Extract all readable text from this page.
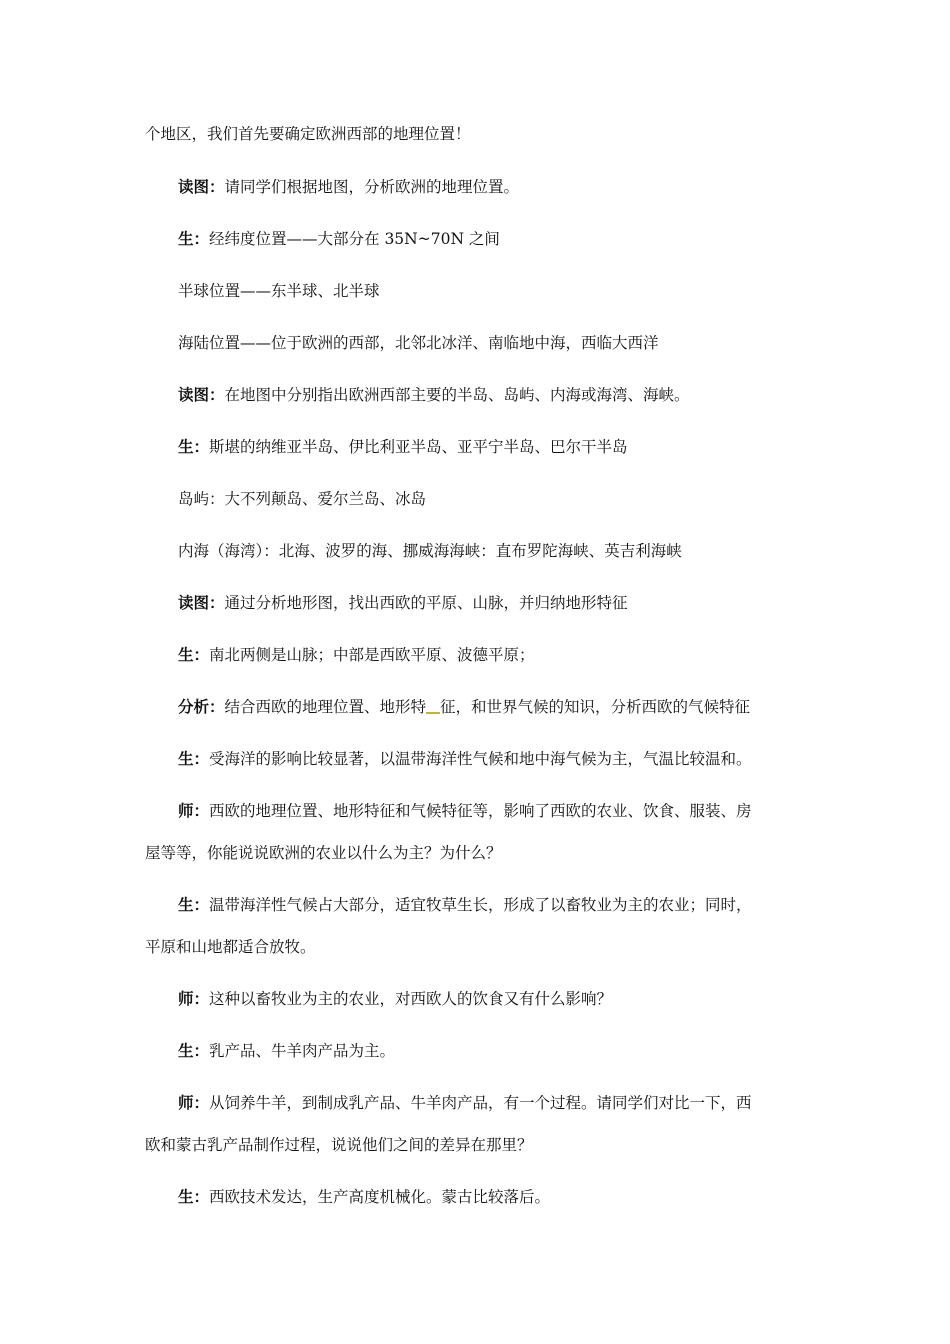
个地区，我们首先要确定欧洲西部的地理位置！
读图：请同学们根据地图，分析欧洲的地理位置。
生：经纬度位置——大部分在 35N~70N 之间
半球位置——东半球、北半球
海陆位置——位于欧洲的西部，北邻北冰洋、南临地中海，西临大西洋
读图：在地图中分别指出欧洲西部主要的半岛、岛屿、内海或海湾、海峡。
生：斯堪的纳维亚半岛、伊比利亚半岛、亚平宁半岛、巴尔干半岛
岛屿：大不列颠岛、爱尔兰岛、冰岛
内海（海湾）：北海、波罗的海、挪威海海峡：直布罗陀海峡、英吉利海峡
读图：通过分析地形图，找出西欧的平原、山脉，并归纳地形特征
生：南北两侧是山脉；中部是西欧平原、波德平原；
分析：结合西欧的地理位置、地形特 征，和世界气候的知识，分析西欧的气候特征
生：受海洋的影响比较显著，以温带海洋性气候和地中海气候为主，气温比较温和。
师：西欧的地理位置、地形特征和气候特征等，影响了西欧的农业、饮食、服装、房
屋等等，你能说说欧洲的农业以什么为主？为什么？
生：温带海洋性气候占大部分，适宜牧草生长，形成了以畜牧业为主的农业；同时，
平原和山地都适合放牧。
师：这种以畜牧业为主的农业，对西欧人的饮食又有什么影响？
生：乳产品、牛羊肉产品为主。
师：从饲养牛羊，到制成乳产品、牛羊肉产品，有一个过程。请同学们对比一下，西
欧和蒙古乳产品制作过程，说说他们之间的差异在那里？
生：西欧技术发达，生产高度机械化。蒙古比较落后。
